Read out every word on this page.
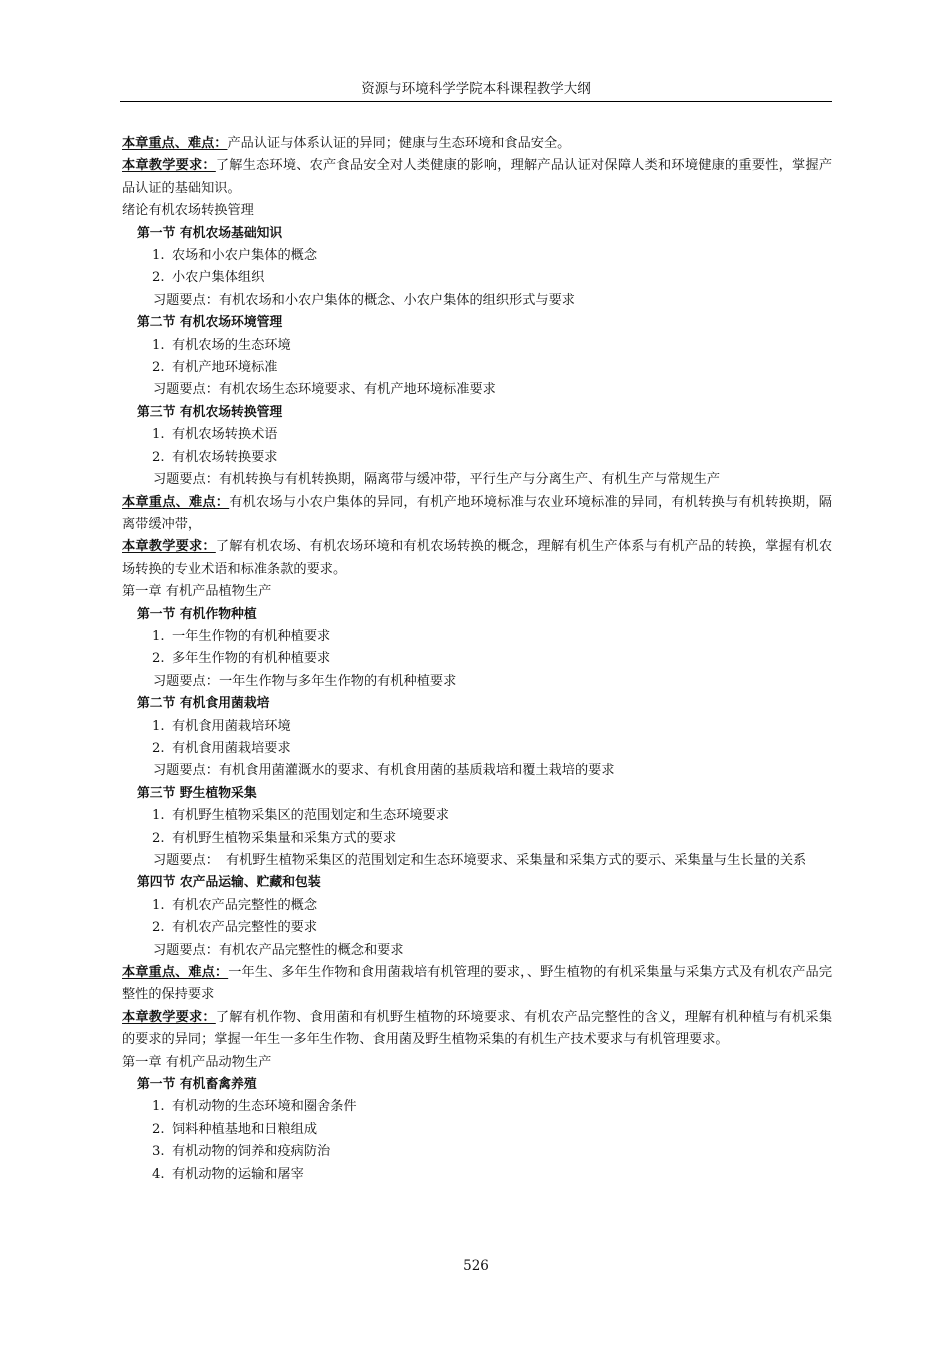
资源与环境科学学院本科课程教学大纲
本章重点、难点：产品认证与体系认证的异同；健康与生态环境和食品安全。
本章教学要求：了解生态环境、农产食品安全对人类健康的影响，理解产品认证对保障人类和环境健康的重要性，掌握产品认证的基础知识。
绪论有机农场转换管理
第一节 有机农场基础知识
1. 农场和小农户集体的概念
2. 小农户集体组织
习题要点：有机农场和小农户集体的概念、小农户集体的组织形式与要求
第二节 有机农场环境管理
1. 有机农场的生态环境
2. 有机产地环境标准
习题要点：有机农场生态环境要求、有机产地环境标准要求
第三节 有机农场转换管理
1. 有机农场转换术语
2. 有机农场转换要求
习题要点：有机转换与有机转换期，隔离带与缓冲带，平行生产与分离生产、有机生产与常规生产
本章重点、难点：有机农场与小农户集体的异同，有机产地环境标准与农业环境标准的异同，有机转换与有机转换期，隔离带缓冲带，
本章教学要求：了解有机农场、有机农场环境和有机农场转换的概念，理解有机生产体系与有机产品的转换，掌握有机农场转换的专业术语和标准条款的要求。
第一章 有机产品植物生产
第一节 有机作物种植
1. 一年生作物的有机种植要求
2. 多年生作物的有机种植要求
习题要点：一年生作物与多年生作物的有机种植要求
第二节 有机食用菌栽培
1. 有机食用菌栽培环境
2. 有机食用菌栽培要求
习题要点：有机食用菌灌溉水的要求、有机食用菌的基质栽培和覆土栽培的要求
第三节 野生植物采集
1. 有机野生植物采集区的范围划定和生态环境要求
2. 有机野生植物采集量和采集方式的要求
习题要点： 有机野生植物采集区的范围划定和生态环境要求、采集量和采集方式的要示、采集量与生长量的关系
第四节 农产品运输、贮藏和包装
1. 有机农产品完整性的概念
2. 有机农产品完整性的要求
习题要点：有机农产品完整性的概念和要求
本章重点、难点：一年生、多年生作物和食用菌栽培有机管理的要求，、野生植物的有机采集量与采集方式及有机农产品完整性的保持要求
本章教学要求：了解有机作物、食用菌和有机野生植物的环境要求、有机农产品完整性的含义，理解有机种植与有机采集的要求的异同；掌握一年生一多年生作物、食用菌及野生植物采集的有机生产技术要求与有机管理要求。
第一章 有机产品动物生产
第一节 有机畜禽养殖
1. 有机动物的生态环境和圈舍条件
2. 饲料种植基地和日粮组成
3. 有机动物的饲养和疫病防治
4. 有机动物的运输和屠宰
526
